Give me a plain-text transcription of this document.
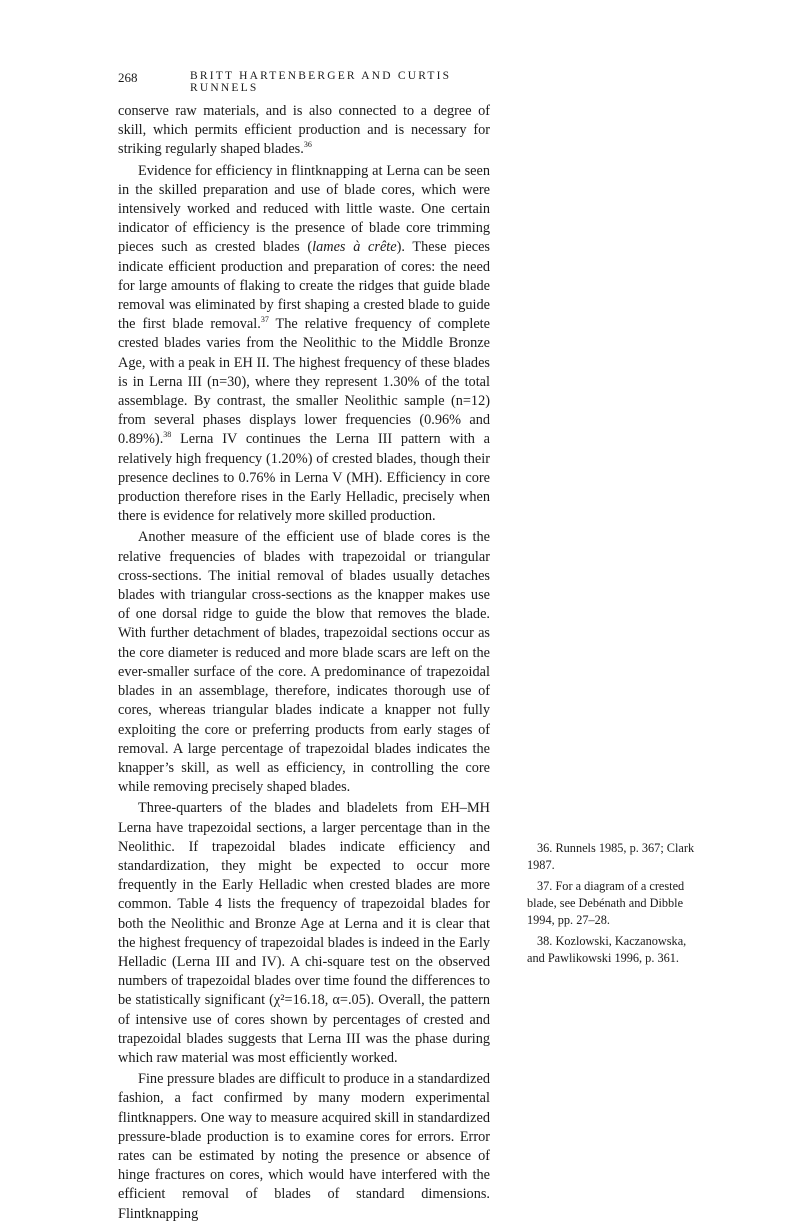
268	BRITT HARTENBERGER AND CURTIS RUNNELS

conserve raw materials, and is also connected to a degree of skill, which permits efficient production and is necessary for striking regularly shaped blades.$^{36}$

Evidence for efficiency in flintknapping at Lerna can be seen in the skilled preparation and use of blade cores, which were intensively worked and reduced with little waste. One certain indicator of efficiency is the presence of blade core trimming pieces such as crested blades (lames à crête). These pieces indicate efficient production and preparation of cores: the need for large amounts of flaking to create the ridges that guide blade removal was eliminated by first shaping a crested blade to guide the first blade removal.$^{37}$ The relative frequency of complete crested blades varies from the Neolithic to the Middle Bronze Age, with a peak in EH II. The highest frequency of these blades is in Lerna III (n=30), where they represent 1.30% of the total assemblage. By contrast, the smaller Neolithic sample (n=12) from several phases displays lower frequencies (0.96% and 0.89%).$^{38}$ Lerna IV continues the Lerna III pattern with a relatively high frequency (1.20%) of crested blades, though their presence declines to 0.76% in Lerna V (MH). Efficiency in core production therefore rises in the Early Helladic, precisely when there is evidence for relatively more skilled production.

Another measure of the efficient use of blade cores is the relative frequencies of blades with trapezoidal or triangular cross-sections. The initial removal of blades usually detaches blades with triangular cross-sections as the knapper makes use of one dorsal ridge to guide the blow that removes the blade. With further detachment of blades, trapezoidal sections occur as the core diameter is reduced and more blade scars are left on the ever-smaller surface of the core. A predominance of trapezoidal blades in an assemblage, therefore, indicates thorough use of cores, whereas triangular blades indicate a knapper not fully exploiting the core or preferring products from early stages of removal. A large percentage of trapezoidal blades indicates the knapper’s skill, as well as efficiency, in controlling the core while removing precisely shaped blades.

Three-quarters of the blades and bladelets from EH–MH Lerna have trapezoidal sections, a larger percentage than in the Neolithic. If trapezoidal blades indicate efficiency and standardization, they might be expected to occur more frequently in the Early Helladic when crested blades are more common. Table 4 lists the frequency of trapezoidal blades for both the Neolithic and Bronze Age at Lerna and it is clear that the highest frequency of trapezoidal blades is indeed in the Early Helladic (Lerna III and IV). A chi-square test on the observed numbers of trapezoidal blades over time found the differences to be statistically significant (χ²=16.18, α=.05). Overall, the pattern of intensive use of cores shown by percentages of crested and trapezoidal blades suggests that Lerna III was the phase during which raw material was most efficiently worked.

Fine pressure blades are difficult to produce in a standardized fashion, a fact confirmed by many modern experimental flintknappers. One way to measure acquired skill in standardized pressure-blade production is to examine cores for errors. Error rates can be estimated by noting the presence or absence of hinge fractures on cores, which would have interfered with the efficient removal of blades of standard dimensions. Flintknapping

36. Runnels 1985, p. 367; Clark 1987.
37. For a diagram of a crested blade, see Debénath and Dibble 1994, pp. 27–28.
38. Kozlowski, Kaczanowska, and Pawlikowski 1996, p. 361.
